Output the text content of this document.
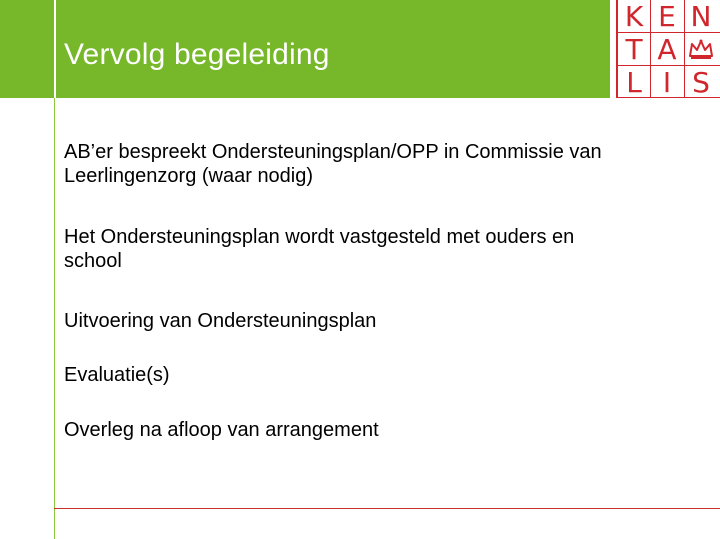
Vervolg begeleiding
K E N
T A
L I S

AB’er bespreekt Ondersteuningsplan/OPP in Commissie van Leerlingenzorg (waar nodig)

Het Ondersteuningsplan wordt vastgesteld met ouders en school

Uitvoering van Ondersteuningsplan

Evaluatie(s)

Overleg na afloop van arrangement
